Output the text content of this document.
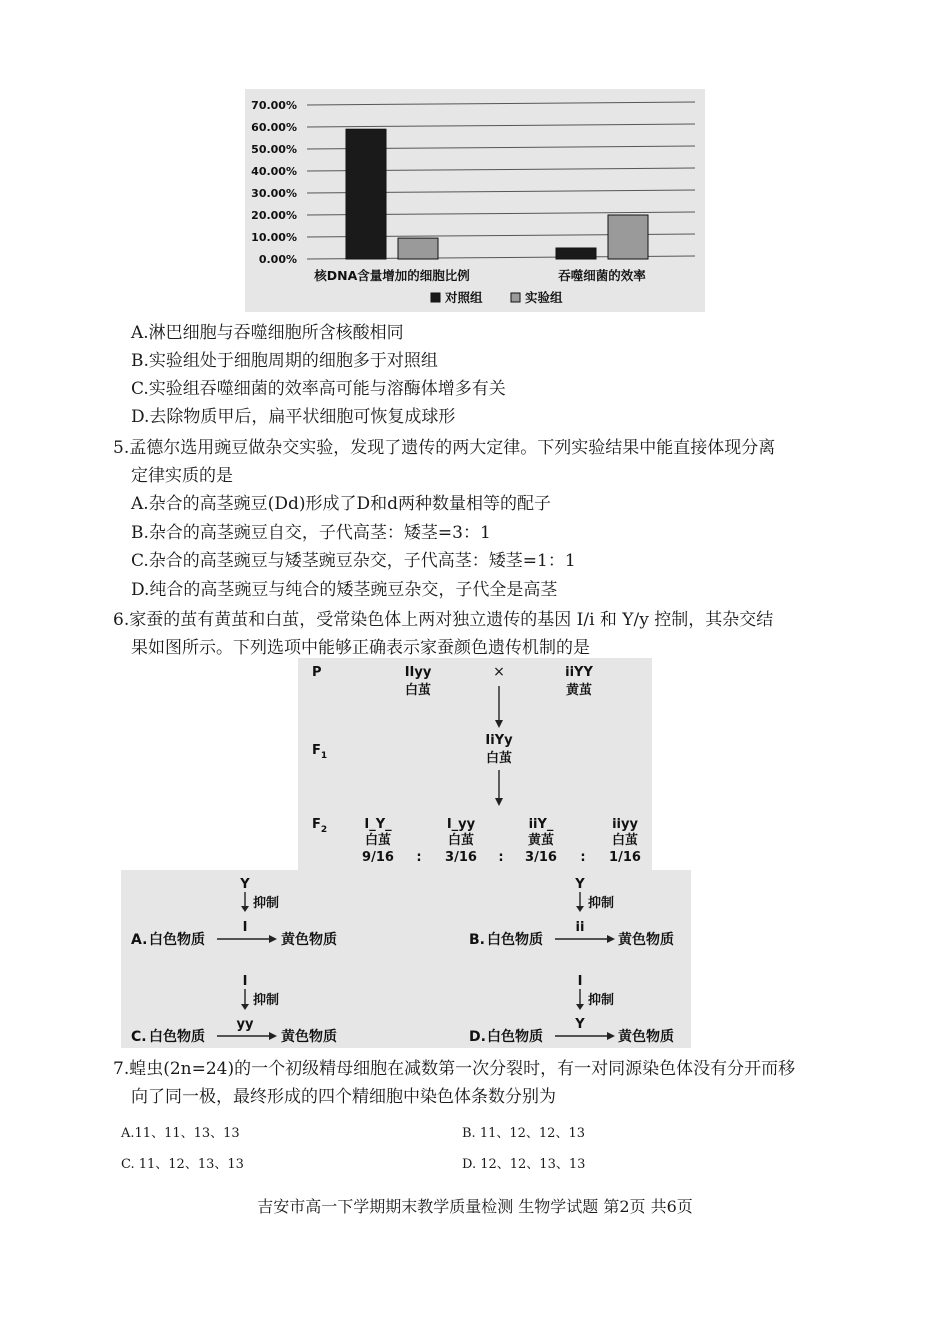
70.00%
60.00%
50.00%
40.00%
30.00%
20.00%
10.00%
0.00%
核DNA含量增加的细胞比例	吞噬细菌的效率
对照组	实验组
A.淋巴细胞与吞噬细胞所含核酸相同
B.实验组处于细胞周期的细胞多于对照组
C.实验组吞噬细菌的效率高可能与溶酶体增多有关
D.去除物质甲后，扁平状细胞可恢复成球形
5.孟德尔选用豌豆做杂交实验，发现了遗传的两大定律。下列实验结果中能直接体现分离
定律实质的是
A.杂合的高茎豌豆(Dd)形成了D和d两种数量相等的配子
B.杂合的高茎豌豆自交，子代高茎：矮茎=3：1
C.杂合的高茎豌豆与矮茎豌豆杂交，子代高茎：矮茎=1：1
D.纯合的高茎豌豆与纯合的矮茎豌豆杂交，子代全是高茎
6.家蚕的茧有黄茧和白茧，受常染色体上两对独立遗传的基因 I/i 和 Y/y 控制，其杂交结
果如图所示。下列选项中能够正确表示家蚕颜色遗传机制的是
P
$F_1$
$F_2$
IIyy
白茧
×	iiYY
黄茧
IiYy
白茧
I_Y_
白茧
9/16
I_yy
白茧
3/16
iiY_
黄茧
3/16
iiyy
白茧
1/16
:	:	:
Y
抑制
I
A. 白色物质	黄色物质
Y
抑制
ii
B. 白色物质	黄色物质
I
抑制
yy
C. 白色物质	黄色物质
I
抑制
Y
D. 白色物质	黄色物质
7.蝗虫(2n=24)的一个初级精母细胞在减数第一次分裂时，有一对同源染色体没有分开而移
向了同一极，最终形成的四个精细胞中染色体条数分别为
A.11、11、13、13	B. 11、12、12、13
C. 11、12、13、13	D. 12、12、13、13
吉安市高一下学期期末教学质量检测 生物学试题 第2页 共6页
